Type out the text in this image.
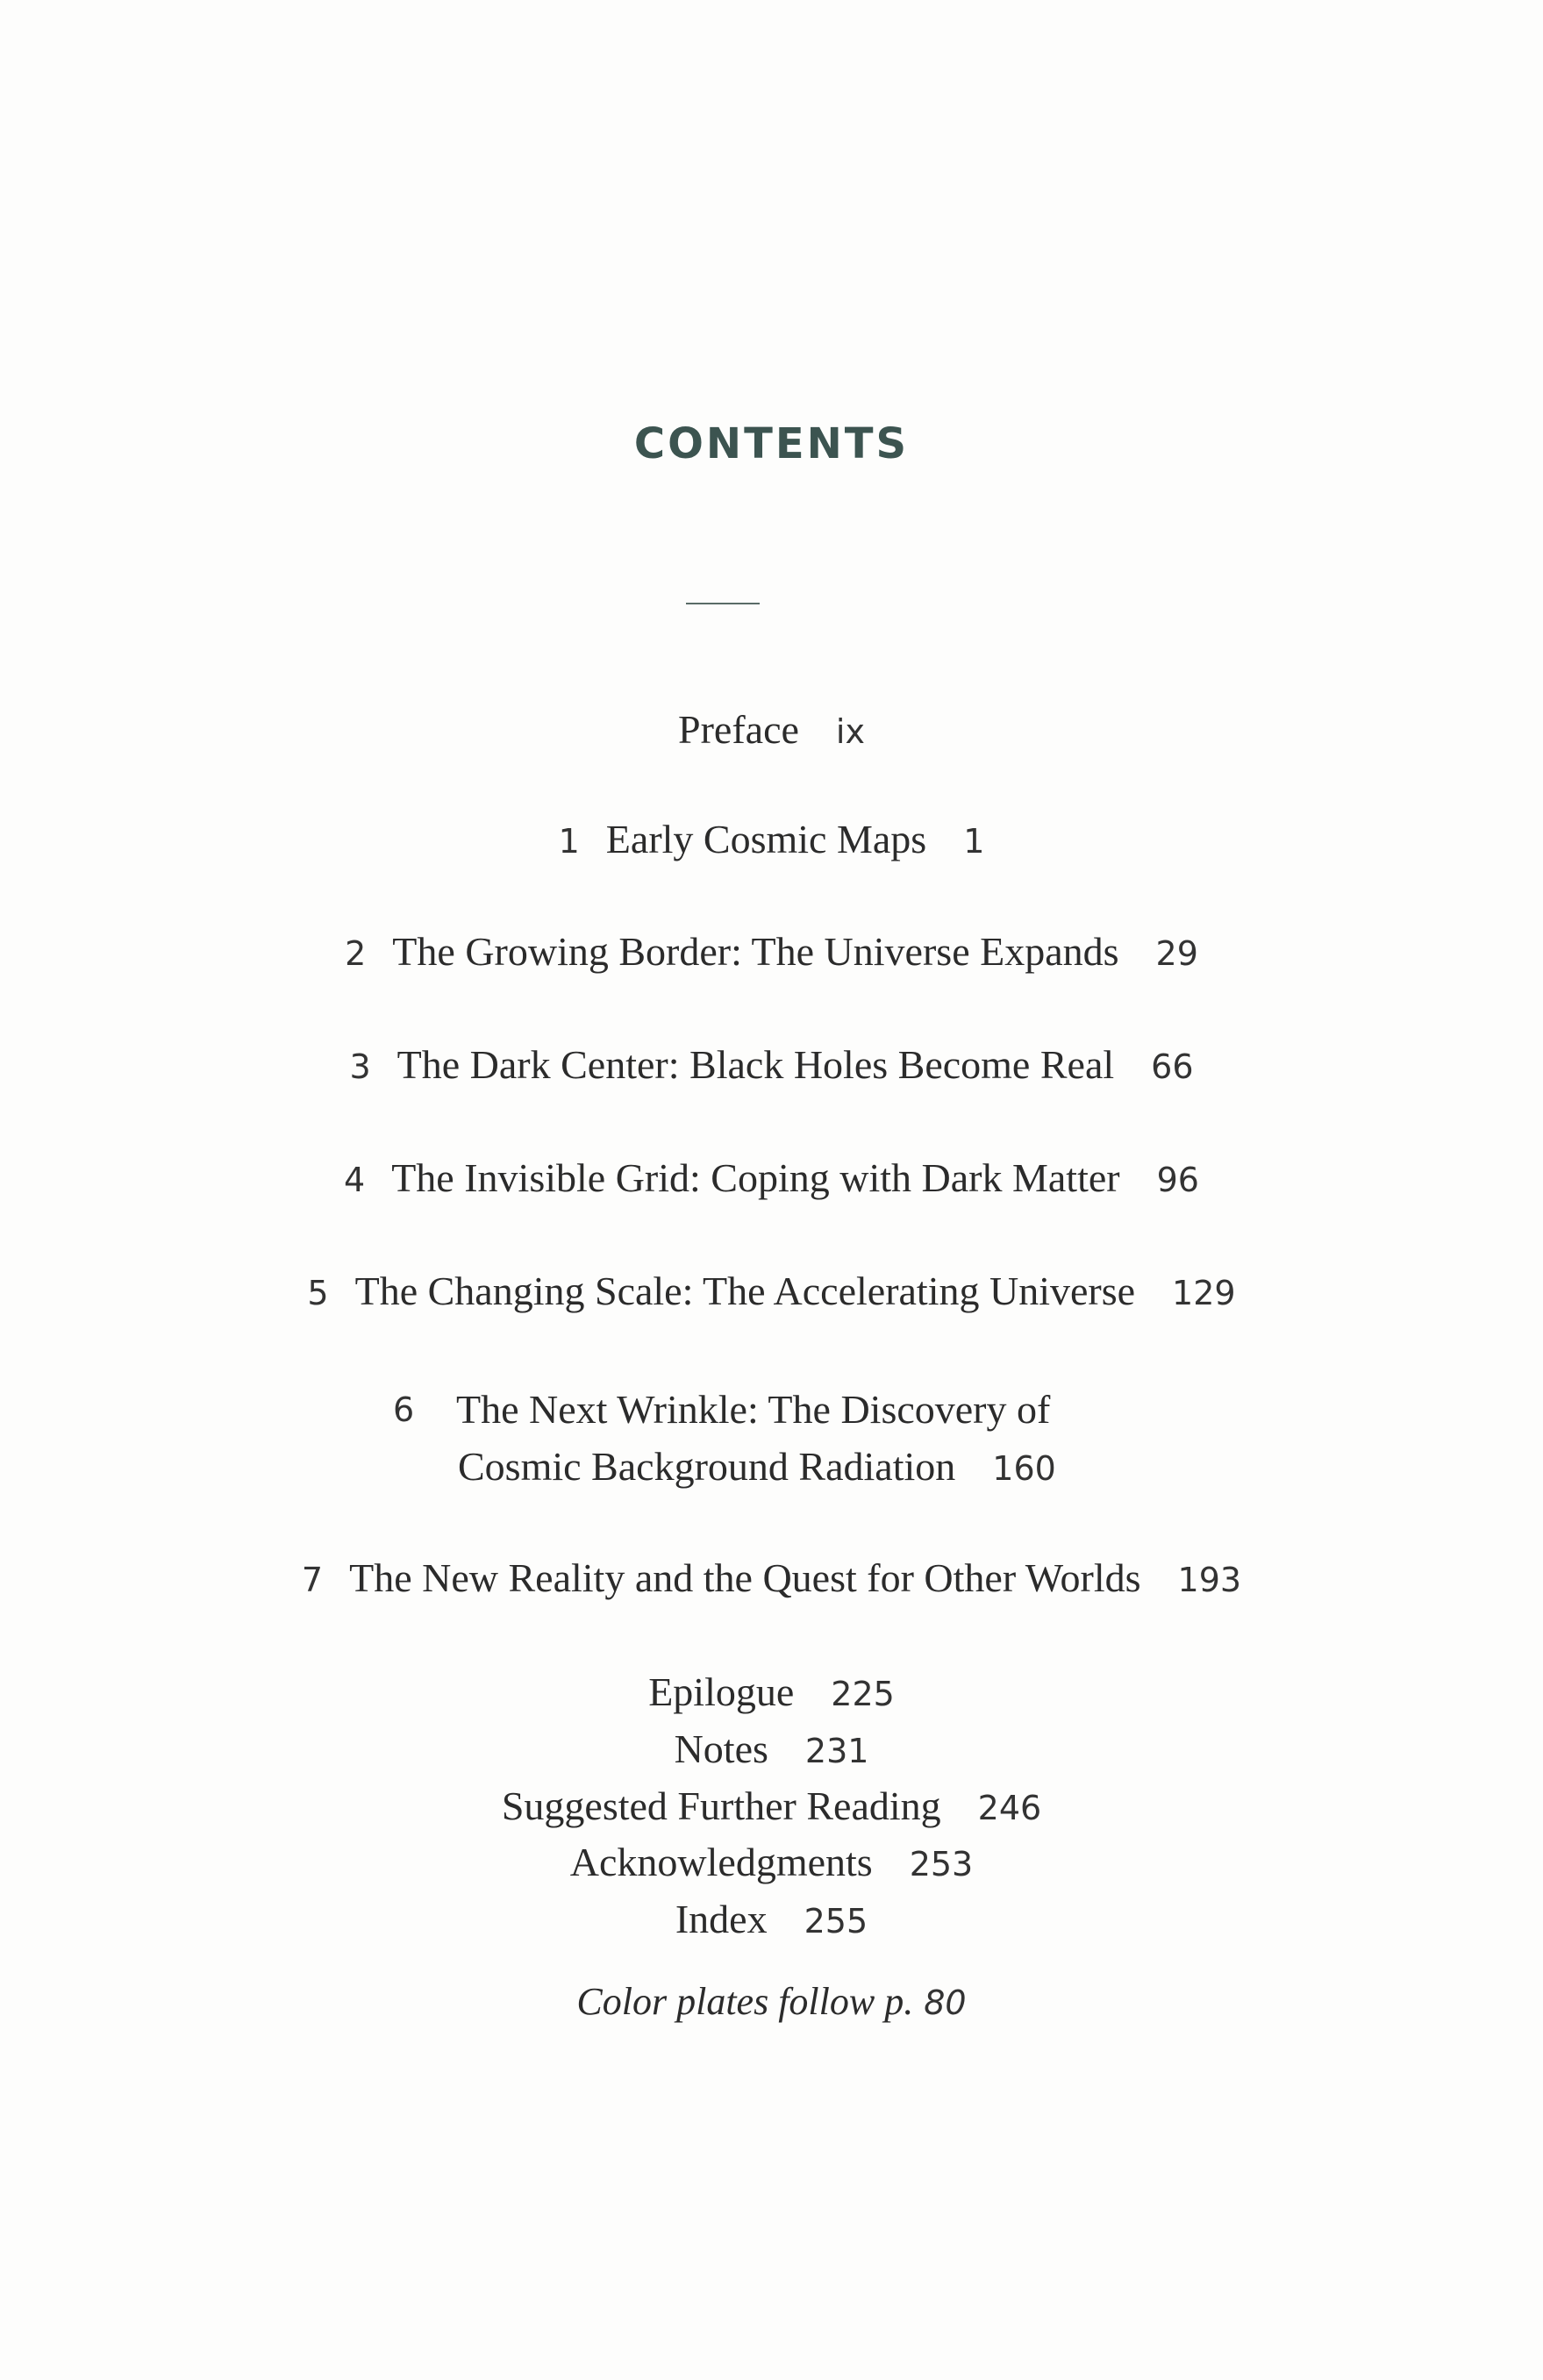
CONTENTS
Preface ix
1 Early Cosmic Maps 1
2 The Growing Border: The Universe Expands 29
3 The Dark Center: Black Holes Become Real 66
4 The Invisible Grid: Coping with Dark Matter 96
5 The Changing Scale: The Accelerating Universe 129
6 The Next Wrinkle: The Discovery of
Cosmic Background Radiation 160
7 The New Reality and the Quest for Other Worlds 193
Epilogue 225
Notes 231
Suggested Further Reading 246
Acknowledgments 253
Index 255
Color plates follow p. 80
